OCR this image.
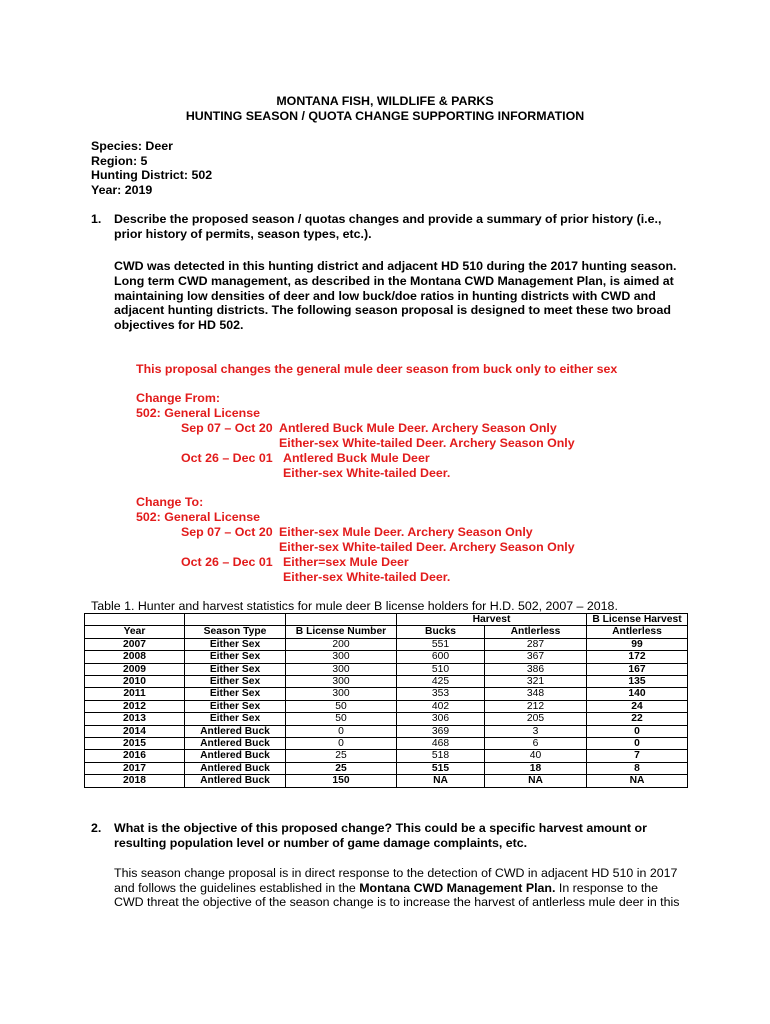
MONTANA FISH, WILDLIFE & PARKS
HUNTING SEASON / QUOTA CHANGE SUPPORTING INFORMATION
Species: Deer
Region: 5
Hunting District: 502
Year: 2019
1. Describe the proposed season / quotas changes and provide a summary of prior history (i.e.,
prior history of permits, season types, etc.).
CWD was detected in this hunting district and adjacent HD 510 during the 2017 hunting season.
Long term CWD management, as described in the Montana CWD Management Plan, is aimed at
maintaining low densities of deer and low buck/doe ratios in hunting districts with CWD and
adjacent hunting districts. The following season proposal is designed to meet these two broad
objectives for HD 502.
This proposal changes the general mule deer season from buck only to either sex
Change From:
502: General License
Sep 07 – Oct 20 Antlered Buck Mule Deer. Archery Season Only
Either-sex White-tailed Deer. Archery Season Only
Oct 26 – Dec 01 Antlered Buck Mule Deer
Either-sex White-tailed Deer.
Change To:
502: General License
Sep 07 – Oct 20 Either-sex Mule Deer. Archery Season Only
Either-sex White-tailed Deer. Archery Season Only
Oct 26 – Dec 01 Either=sex Mule Deer
Either-sex White-tailed Deer.
Table 1. Hunter and harvest statistics for mule deer B license holders for H.D. 502, 2007 – 2018.
			Harvest		B License Harvest
Year	Season Type	B License Number	Bucks	Antlerless	Antlerless
2007	Either Sex	200	551	287	99
2008	Either Sex	300	600	367	172
2009	Either Sex	300	510	386	167
2010	Either Sex	300	425	321	135
2011	Either Sex	300	353	348	140
2012	Either Sex	50	402	212	24
2013	Either Sex	50	306	205	22
2014	Antlered Buck	0	369	3	0
2015	Antlered Buck	0	468	6	0
2016	Antlered Buck	25	518	40	7
2017	Antlered Buck	25	515	18	8
2018	Antlered Buck	150	NA	NA	NA
2. What is the objective of this proposed change? This could be a specific harvest amount or
resulting population level or number of game damage complaints, etc.
This season change proposal is in direct response to the detection of CWD in adjacent HD 510 in 2017
and follows the guidelines established in the Montana CWD Management Plan. In response to the
CWD threat the objective of the season change is to increase the harvest of antlerless mule deer in this
